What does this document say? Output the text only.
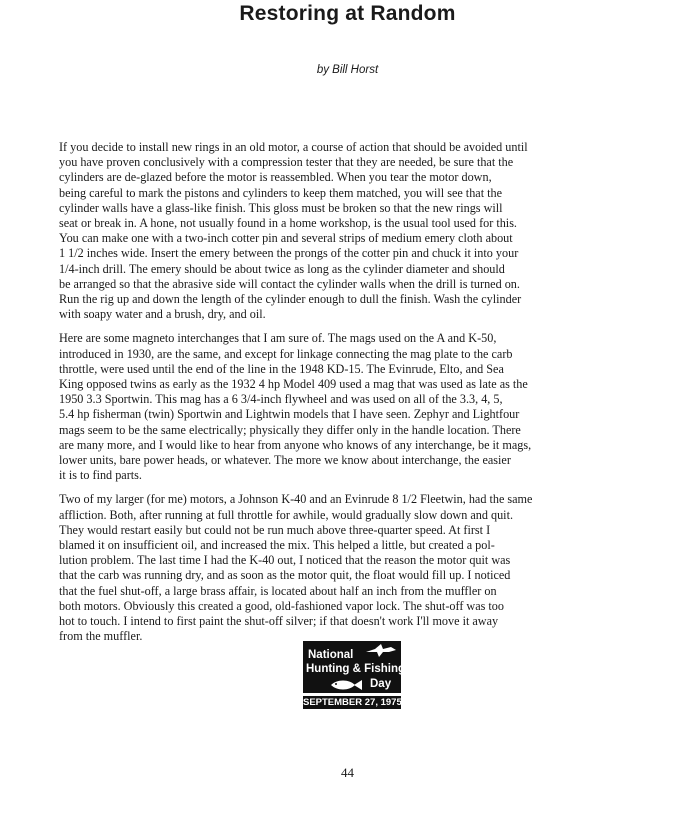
Restoring at Random
by Bill Horst
If you decide to install new rings in an old motor, a course of action that should be avoided until
you have proven conclusively with a compression tester that they are needed, be sure that the
cylinders are de-glazed before the motor is reassembled. When you tear the motor down,
being careful to mark the pistons and cylinders to keep them matched, you will see that the
cylinder walls have a glass-like finish. This gloss must be broken so that the new rings will
seat or break in. A hone, not usually found in a home workshop, is the usual tool used for this.
You can make one with a two-inch cotter pin and several strips of medium emery cloth about
1 1/2 inches wide. Insert the emery between the prongs of the cotter pin and chuck it into your
1/4-inch drill. The emery should be about twice as long as the cylinder diameter and should
be arranged so that the abrasive side will contact the cylinder walls when the drill is turned on.
Run the rig up and down the length of the cylinder enough to dull the finish. Wash the cylinder
with soapy water and a brush, dry, and oil.
Here are some magneto interchanges that I am sure of. The mags used on the A and K-50,
introduced in 1930, are the same, and except for linkage connecting the mag plate to the carb
throttle, were used until the end of the line in the 1948 KD-15. The Evinrude, Elto, and Sea
King opposed twins as early as the 1932 4 hp Model 409 used a mag that was used as late as the
1950 3.3 Sportwin. This mag has a 6 3/4-inch flywheel and was used on all of the 3.3, 4, 5,
5.4 hp fisherman (twin) Sportwin and Lightwin models that I have seen. Zephyr and Lightfour
mags seem to be the same electrically; physically they differ only in the handle location. There
are many more, and I would like to hear from anyone who knows of any interchange, be it mags,
lower units, bare power heads, or whatever. The more we know about interchange, the easier
it is to find parts.
Two of my larger (for me) motors, a Johnson K-40 and an Evinrude 8 1/2 Fleetwin, had the same
affliction. Both, after running at full throttle for awhile, would gradually slow down and quit.
They would restart easily but could not be run much above three-quarter speed. At first I
blamed it on insufficient oil, and increased the mix. This helped a little, but created a pol-
lution problem. The last time I had the K-40 out, I noticed that the reason the motor quit was
that the carb was running dry, and as soon as the motor quit, the float would fill up. I noticed
that the fuel shut-off, a large brass affair, is located about half an inch from the muffler on
both motors. Obviously this created a good, old-fashioned vapor lock. The shut-off was too
hot to touch. I intend to first paint the shut-off silver; if that doesn't work I'll move it away
from the muffler.
National
Hunting & Fishing
Day
SEPTEMBER 27, 1975
44
